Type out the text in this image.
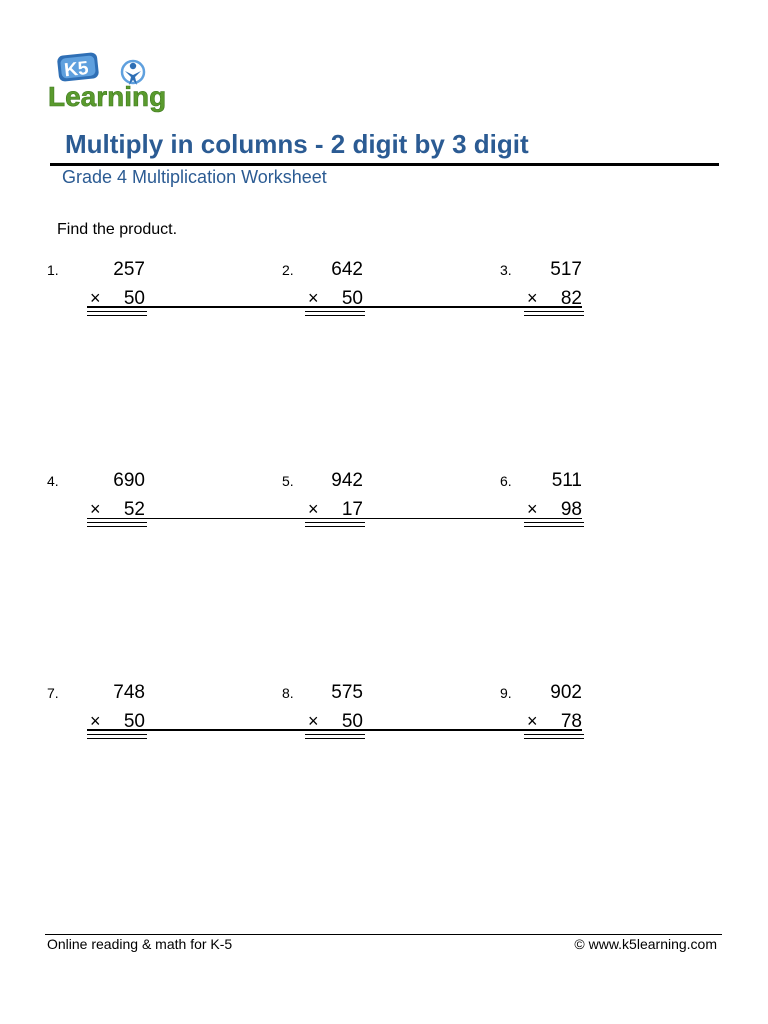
K5
Learning
Multiply in columns - 2 digit by 3 digit
Grade 4 Multiplication Worksheet
Find the product.
1.	257
×	50
2.	642
×	50
3.	517
×	82
4.	690
×	52
5.	942
×	17
6.	511
×	98
7.	748
×	50
8.	575
×	50
9.	902
×	78
Online reading & math for K-5	© www.k5learning.com
